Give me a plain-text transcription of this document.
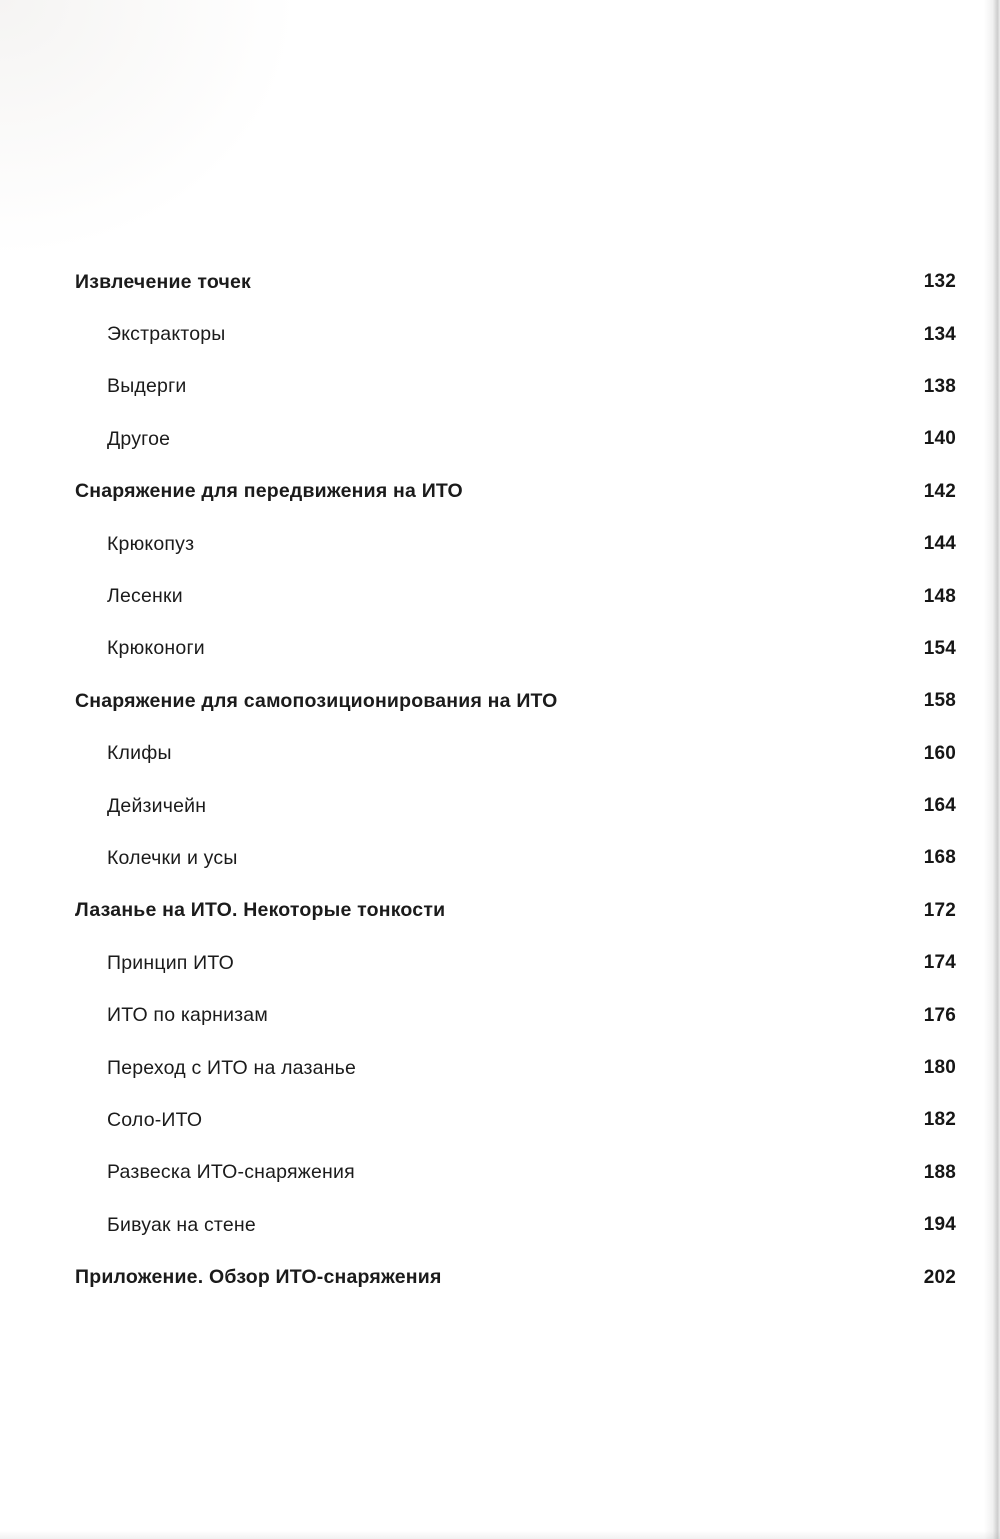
Извлечение точек	132
Экстракторы	134
Выдерги	138
Другое	140
Снаряжение для передвижения на ИТО	142
Крюкопуз	144
Лесенки	148
Крюконоги	154
Снаряжение для самопозиционирования на ИТО	158
Клифы	160
Дейзичейн	164
Колечки и усы	168
Лазанье на ИТО. Некоторые тонкости	172
Принцип ИТО	174
ИТО по карнизам	176
Переход с ИТО на лазанье	180
Соло-ИТО	182
Развеска ИТО-снаряжения	188
Бивуак на стене	194
Приложение. Обзор ИТО-снаряжения	202
